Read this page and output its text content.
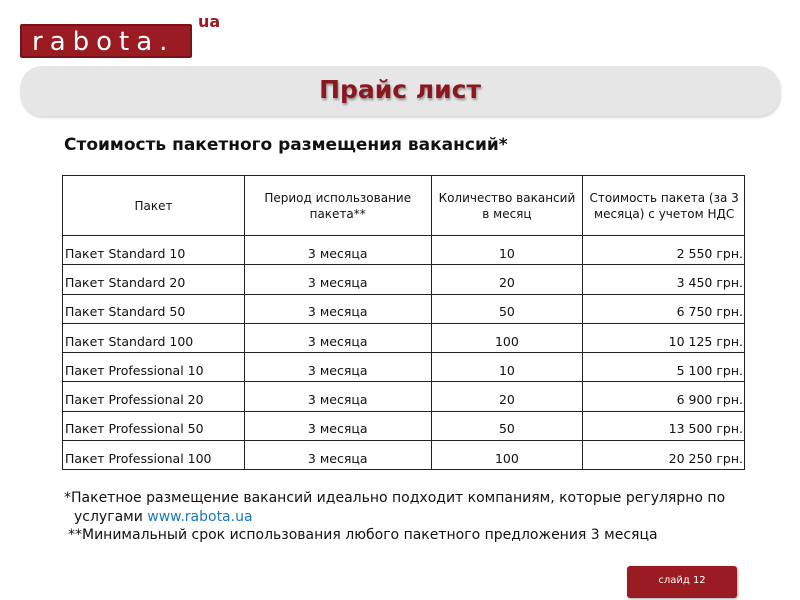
rabota.
ua
Прайс лист
Стоимость пакетного размещения вакансий*
Пакет	Период использование пакета**	Количество вакансий в месяц	Стоимость пакета (за 3 месяца) с учетом НДС
Пакет Standard 10	3 месяца	10	2 550 грн.
Пакет Standard 20	3 месяца	20	3 450 грн.
Пакет Standard 50	3 месяца	50	6 750 грн.
Пакет Standard 100	3 месяца	100	10 125 грн.
Пакет Professional 10	3 месяца	10	5 100 грн.
Пакет Professional 20	3 месяца	20	6 900 грн.
Пакет Professional 50	3 месяца	50	13 500 грн.
Пакет Professional 100	3 месяца	100	20 250 грн.
*Пакетное размещение вакансий идеально подходит компаниям, которые регулярно по
услугами www.rabota.ua
**Минимальный срок использования любого пакетного предложения 3 месяца
слайд 12
